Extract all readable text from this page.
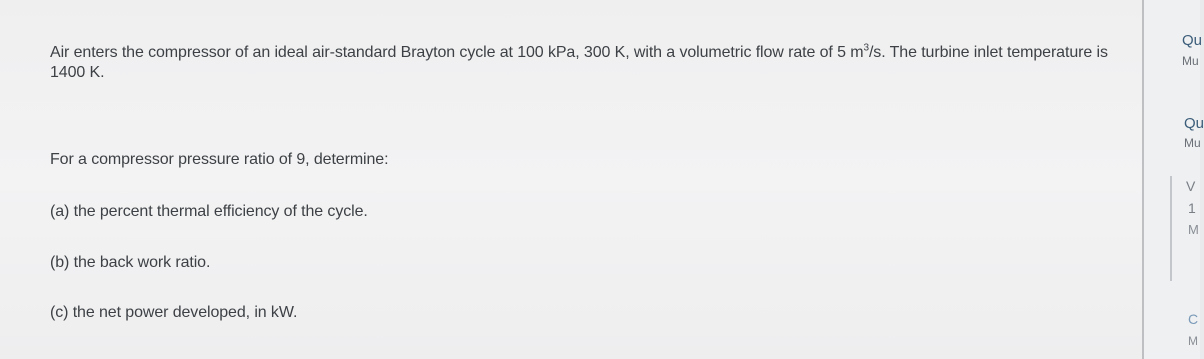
Air enters the compressor of an ideal air-standard Brayton cycle at 100 kPa, 300 K, with a volumetric flow rate of 5 $m^3/s$. The turbine inlet temperature is 1400 K.
For a compressor pressure ratio of 9, determine:
(a) the percent thermal efficiency of the cycle.
(b) the back work ratio.
(c) the net power developed, in kW.
Qu
Mu
Qu
Mu
V
1
M
C
M
